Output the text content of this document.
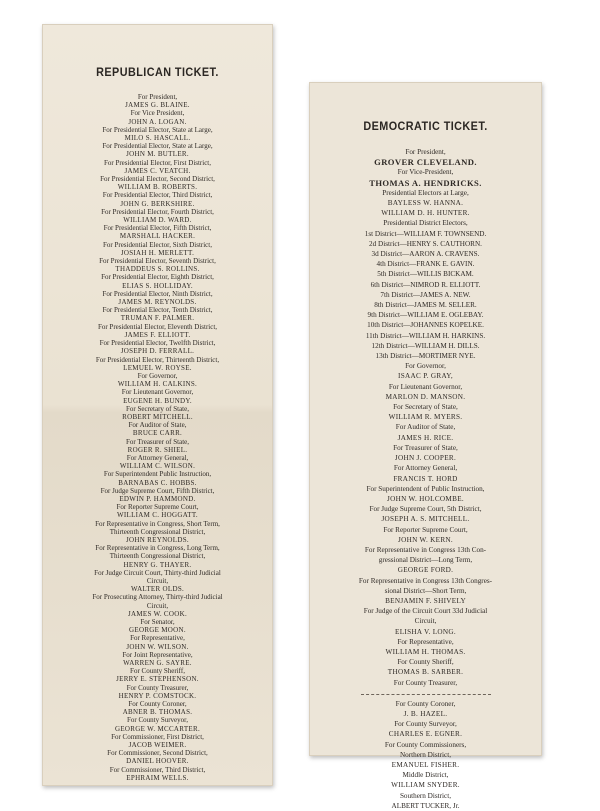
REPUBLICAN TICKET.
For President,
JAMES G. BLAINE.
For Vice President,
JOHN A. LOGAN.
For Presidential Elector, State at Large,
MILO S. HASCALL.
For Presidential Elector, State at Large,
JOHN M. BUTLER.
For Presidential Elector, First District,
JAMES C. VEATCH.
For Presidential Elector, Second District,
WILLIAM B. ROBERTS.
For Presidential Elector, Third District,
JOHN G. BERKSHIRE.
For Presidential Elector, Fourth District,
WILLIAM D. WARD.
For Presidential Elector, Fifth District,
MARSHALL HACKER.
For Presidential Elector, Sixth District,
JOSIAH H. MERLETT.
For Presidential Elector, Seventh District,
THADDEUS S. ROLLINS.
For Presidential Elector, Eighth District,
ELIAS S. HOLLIDAY.
For Presidential Elector, Ninth District,
JAMES M. REYNOLDS.
For Presidential Elector, Tenth District,
TRUMAN F. PALMER.
For Presidential Elector, Eleventh District,
JAMES F. ELLIOTT.
For Presidential Elector, Twelfth District,
JOSEPH D. FERRALL.
For Presidential Elector, Thirteenth District,
LEMUEL W. ROYSE.
For Governor,
WILLIAM H. CALKINS.
For Lieutenant Governor,
EUGENE H. BUNDY.
For Secretary of State,
ROBERT MITCHELL.
For Auditor of State,
BRUCE CARR.
For Treasurer of State,
ROGER R. SHIEL.
For Attorney General,
WILLIAM C. WILSON.
For Superintendent Public Instruction,
BARNABAS C. HOBBS.
For Judge Supreme Court, Fifth District,
EDWIN P. HAMMOND.
For Reporter Supreme Court,
WILLIAM C. HOGGATT.
For Representative in Congress, Short Term,
Thirteenth Congressional District,
JOHN REYNOLDS.
For Representative in Congress, Long Term,
Thirteenth Congressional District,
HENRY G. THAYER.
For Judge Circuit Court, Thirty-third Judicial
Circuit,
WALTER OLDS.
For Prosecuting Attorney, Thirty-third Judicial
Circuit,
JAMES W. COOK.
For Senator,
GEORGE MOON.
For Representative,
JOHN W. WILSON.
For Joint Representative,
WARREN G. SAYRE.
For County Sheriff,
JERRY E. STEPHENSON.
For County Treasurer,
HENRY P. COMSTOCK.
For County Coroner,
ABNER B. THOMAS.
For County Surveyor,
GEORGE W. MCCARTER.
For Commissioner, First District,
JACOB WEIMER.
For Commissioner, Second District,
DANIEL HOOVER.
For Commissioner, Third District,
EPHRAIM WELLS.
DEMOCRATIC TICKET.
For President,
GROVER CLEVELAND.
For Vice-President,
THOMAS A. HENDRICKS.
Presidential Electors at Large,
BAYLESS W. HANNA.
WILLIAM D. H. HUNTER.
Presidential District Electors,
1st District—WILLIAM F. TOWNSEND.
2d District—HENRY S. CAUTHORN.
3d District—AARON A. CRAVENS.
4th District—FRANK E. GAVIN.
5th District—WILLIS BICKAM.
6th District—NIMROD R. ELLIOTT.
7th District—JAMES A. NEW.
8th District—JAMES M. SELLER.
9th District—WILLIAM E. OGLEBAY.
10th District—JOHANNES KOPELKE.
11th District—WILLIAM H. HARKINS.
12th District—WILLIAM H. DILLS.
13th District—MORTIMER NYE.
For Governor,
ISAAC P. GRAY,
For Lieutenant Governor,
MARLON D. MANSON.
For Secretary of State,
WILLIAM R. MYERS.
For Auditor of State,
JAMES H. RICE.
For Treasurer of State,
JOHN J. COOPER.
For Attorney General,
FRANCIS T. HORD
For Superintendent of Public Instruction,
JOHN W. HOLCOMBE.
For Judge Supreme Court, 5th District,
JOSEPH A. S. MITCHELL.
For Reporter Supreme Court,
JOHN W. KERN.
For Representative in Congress 13th Con-
gressional District—Long Term,
GEORGE FORD.
For Representative in Congress 13th Congres-
sional District—Short Term,
BENJAMIN F. SHIVELY
For Judge of the Circuit Court 33d Judicial
Circuit,
ELISHA V. LONG.
For Representative,
WILLIAM H. THOMAS.
For County Sheriff,
THOMAS B. SARBER.
For County Treasurer,
For County Coroner,
J. B. HAZEL.
For County Surveyor,
CHARLES E. EGNER.
For County Commissioners,
Northern District,
EMANUEL FISHER.
Middle District,
WILLIAM SNYDER.
Southern District,
ALBERT TUCKER, Jr.
